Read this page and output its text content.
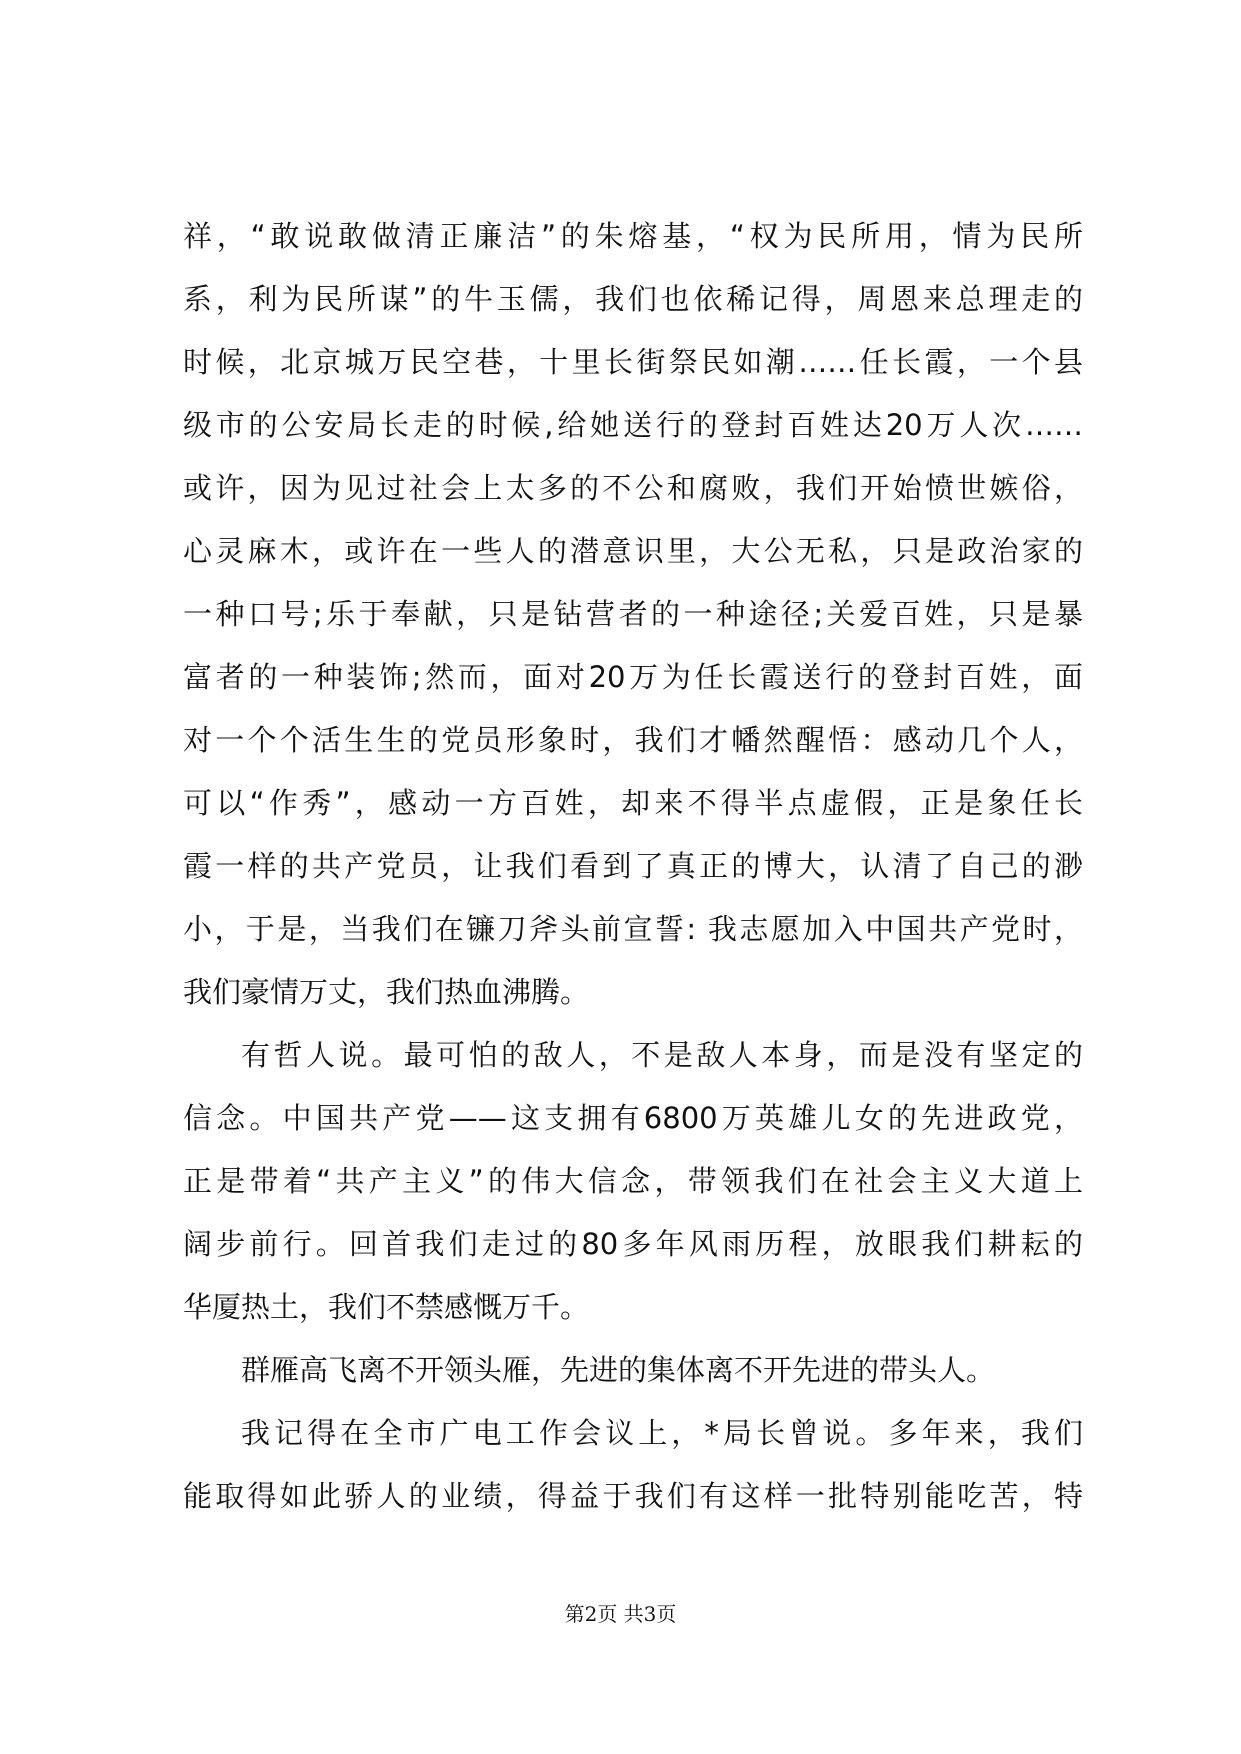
祥，“敢说敢做清正廉洁”的朱熔基，“权为民所用，情为民所
系，利为民所谋”的牛玉儒，我们也依稀记得，周恩来总理走的
时候，北京城万民空巷，十里长街祭民如潮……任长霞，一个县
级市的公安局长走的时候,给她送行的登封百姓达20万人次……
或许，因为见过社会上太多的不公和腐败，我们开始愤世嫉俗，
心灵麻木，或许在一些人的潜意识里，大公无私，只是政治家的
一种口号;乐于奉献，只是钻营者的一种途径;关爱百姓，只是暴
富者的一种装饰;然而，面对20万为任长霞送行的登封百姓，面
对一个个活生生的党员形象时，我们才幡然醒悟：感动几个人，
可以“作秀”，感动一方百姓，却来不得半点虚假，正是象任长
霞一样的共产党员，让我们看到了真正的博大，认清了自己的渺
小，于是，当我们在镰刀斧头前宣誓: 我志愿加入中国共产党时，
我们豪情万丈，我们热血沸腾。
有哲人说。最可怕的敌人，不是敌人本身，而是没有坚定的
信念。中国共产党——这支拥有6800万英雄儿女的先进政党，
正是带着“共产主义”的伟大信念，带领我们在社会主义大道上
阔步前行。回首我们走过的80多年风雨历程，放眼我们耕耘的
华厦热土，我们不禁感慨万千。
群雁高飞离不开领头雁，先进的集体离不开先进的带头人。
我记得在全市广电工作会议上，*局长曾说。多年来，我们
能取得如此骄人的业绩，得益于我们有这样一批特别能吃苦，特
第2页 共3页
